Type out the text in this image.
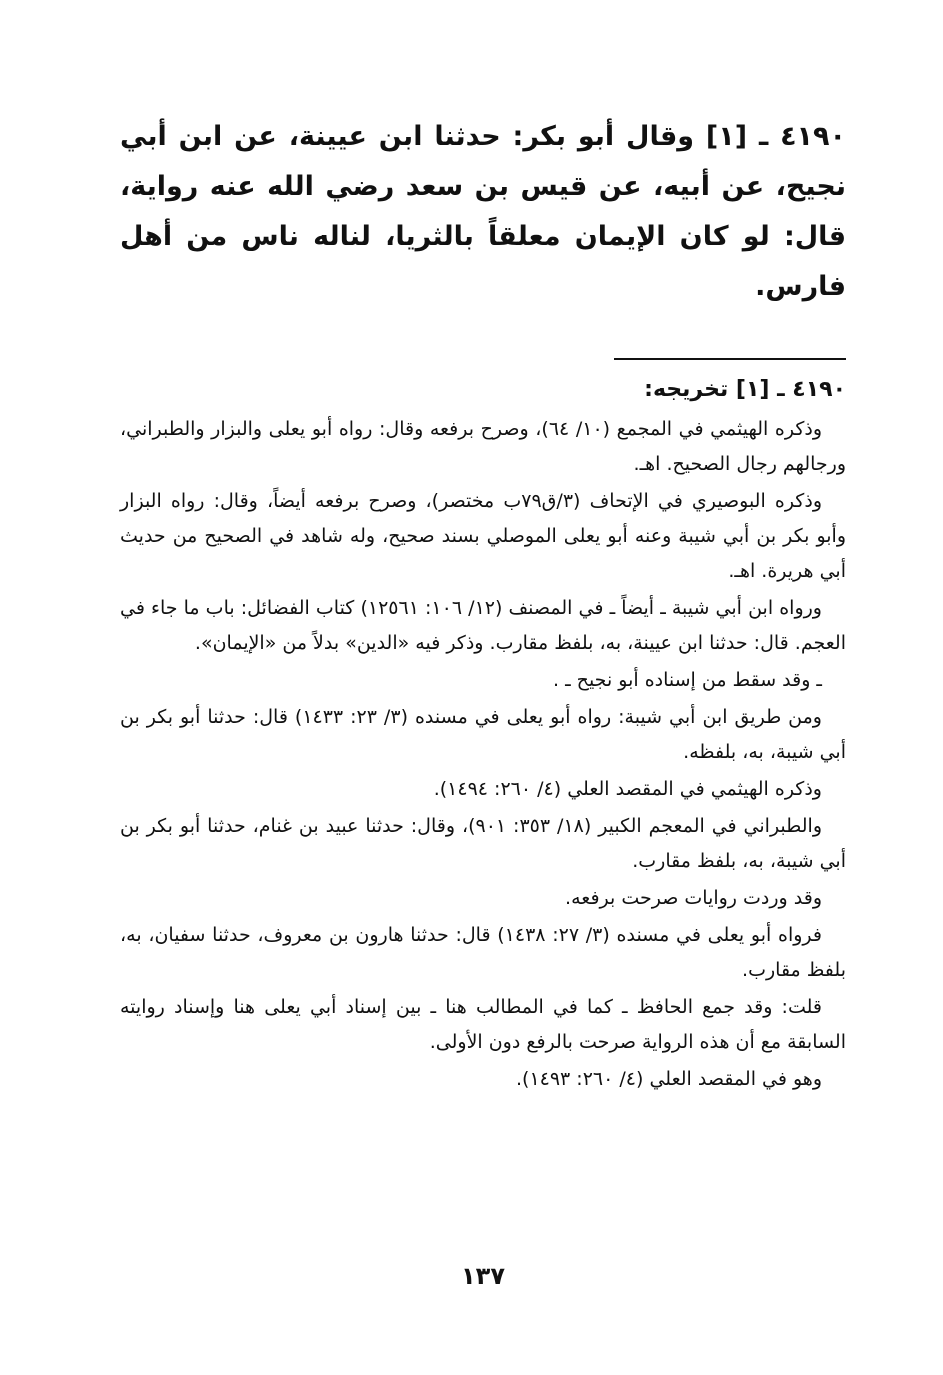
٤١٩٠ ـ [١] وقال أبو بكر: حدثنا ابن عيينة، عن ابن أبي نجيح، عن أبيه، عن قيس بن سعد رضي الله عنه رواية، قال: لو كان الإيمان معلقاً بالثريا، لناله ناس من أهل فارس.

٤١٩٠ ـ [١] تخريجه:

وذكره الهيثمي في المجمع (١٠/ ٦٤)، وصرح برفعه وقال: رواه أبو يعلى والبزار والطبراني، ورجالهم رجال الصحيح. اهـ.

وذكره البوصيري في الإتحاف (٣/ق٧٩ب مختصر)، وصرح برفعه أيضاً، وقال: رواه البزار وأبو بكر بن أبي شيبة وعنه أبو يعلى الموصلي بسند صحيح، وله شاهد في الصحيح من حديث أبي هريرة. اهـ.

ورواه ابن أبي شيبة ـ أيضاً ـ في المصنف (١٢/ ١٠٦: ١٢٥٦١) كتاب الفضائل: باب ما جاء في العجم. قال: حدثنا ابن عيينة، به، بلفظ مقارب. وذكر فيه «الدين» بدلاً من «الإيمان».

ـ وقد سقط من إسناده أبو نجيح ـ .

ومن طريق ابن أبي شيبة: رواه أبو يعلى في مسنده (٣/ ٢٣: ١٤٣٣) قال: حدثنا أبو بكر بن أبي شيبة، به، بلفظه.

وذكره الهيثمي في المقصد العلي (٤/ ٢٦٠: ١٤٩٤).

والطبراني في المعجم الكبير (١٨/ ٣٥٣: ٩٠١)، وقال: حدثنا عبيد بن غنام، حدثنا أبو بكر بن أبي شيبة، به، بلفظ مقارب.

وقد وردت روايات صرحت برفعه.

فرواه أبو يعلى في مسنده (٣/ ٢٧: ١٤٣٨) قال: حدثنا هارون بن معروف، حدثنا سفيان، به، بلفظ مقارب.

قلت: وقد جمع الحافظ ـ كما في المطالب هنا ـ بين إسناد أبي يعلى هنا وإسناد روايته السابقة مع أن هذه الرواية صرحت بالرفع دون الأولى.

وهو في المقصد العلي (٤/ ٢٦٠: ١٤٩٣).

١٣٧
